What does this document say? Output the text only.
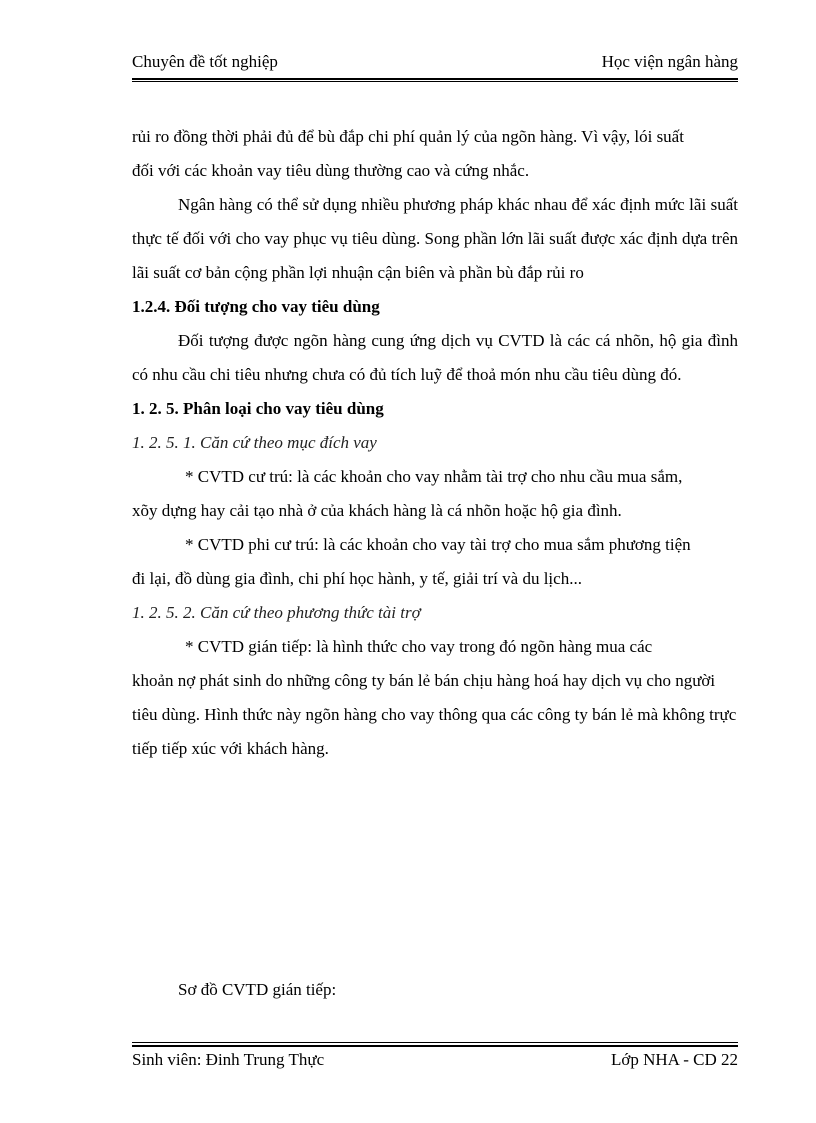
Chuyên đề tốt nghiệp	Học viện ngân hàng

rủi ro đồng thời phải đủ để bù đắp chi phí quản lý của ngõn hàng. Vì vậy, lói suất

đối với các khoản vay tiêu dùng thường cao và cứng nhắc.

Ngân hàng có thể sử dụng nhiều phương pháp khác nhau để xác định mức lãi suất thực tế đối với cho vay phục vụ tiêu dùng. Song phần lớn lãi suất được xác định dựa trên lãi suất cơ bản cộng phần lợi nhuận cận biên và phần bù đắp rủi ro

1.2.4. Đối tượng cho vay tiêu dùng

Đối tượng được ngõn hàng cung ứng dịch vụ CVTD là các cá nhõn, hộ gia đình có nhu cầu chi tiêu nhưng chưa có đủ tích luỹ để thoả món nhu cầu tiêu dùng đó.

1. 2. 5. Phân loại cho vay tiêu dùng

1. 2. 5. 1. Căn cứ theo mục đích vay

* CVTD cư trú: là các khoản cho vay nhằm tài trợ cho nhu cầu mua sắm,

xõy dựng hay cải tạo nhà ở của khách hàng là cá nhõn hoặc hộ gia đình.

* CVTD phi cư trú: là các khoản cho vay tài trợ cho mua sắm phương tiện

đi lại, đồ dùng gia đình, chi phí học hành, y tế, giải trí và du lịch...

1. 2. 5. 2. Căn cứ theo phương thức tài trợ

* CVTD gián tiếp: là hình thức cho vay trong đó ngõn hàng mua các

khoản nợ phát sinh do những công ty bán lẻ bán chịu hàng hoá hay dịch vụ cho người tiêu dùng. Hình thức này ngõn hàng cho vay thông qua các công ty bán lẻ mà không trực tiếp tiếp xúc với khách hàng.

Sơ đồ CVTD gián tiếp:
Sinh viên: Đinh Trung Thực	Lớp NHA - CD 22
